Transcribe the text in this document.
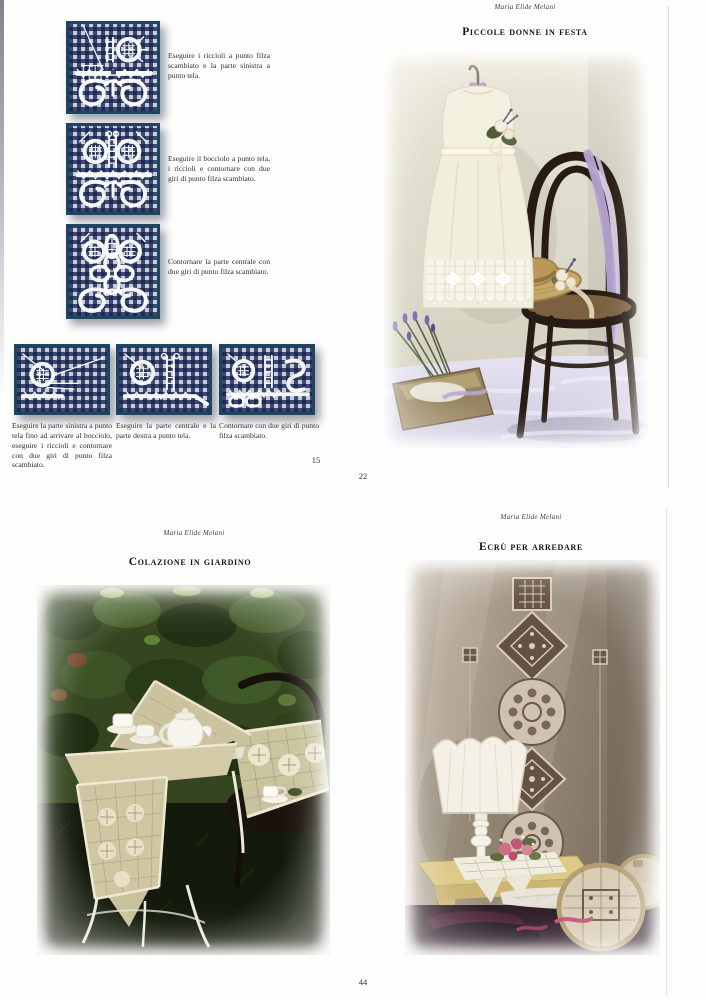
Eseguire i riccioli a punto filza scambiato e la parte sinistra a punto tela.
Eseguire il bocciolo a punto tela, i riccioli e contornare con due giri di punto filza scambiato.
Contornare la parte centrale con due giri di punto filza scambiato.
Eseguire la parte sinistra a punto tela fino ad arrivare al bocciolo, eseguire i riccioli e contornare con due giri di punto filza scambiato.
Eseguire la parte centrale e la parte destra a punto tela.
Contornare con due giri di punto filza scambiato.
15
Maria Elide Melani
Piccole donne in festa
22
Maria Elide Melani
Colazione in giardino
Maria Elide Melani
Ecrù per arredare
44
